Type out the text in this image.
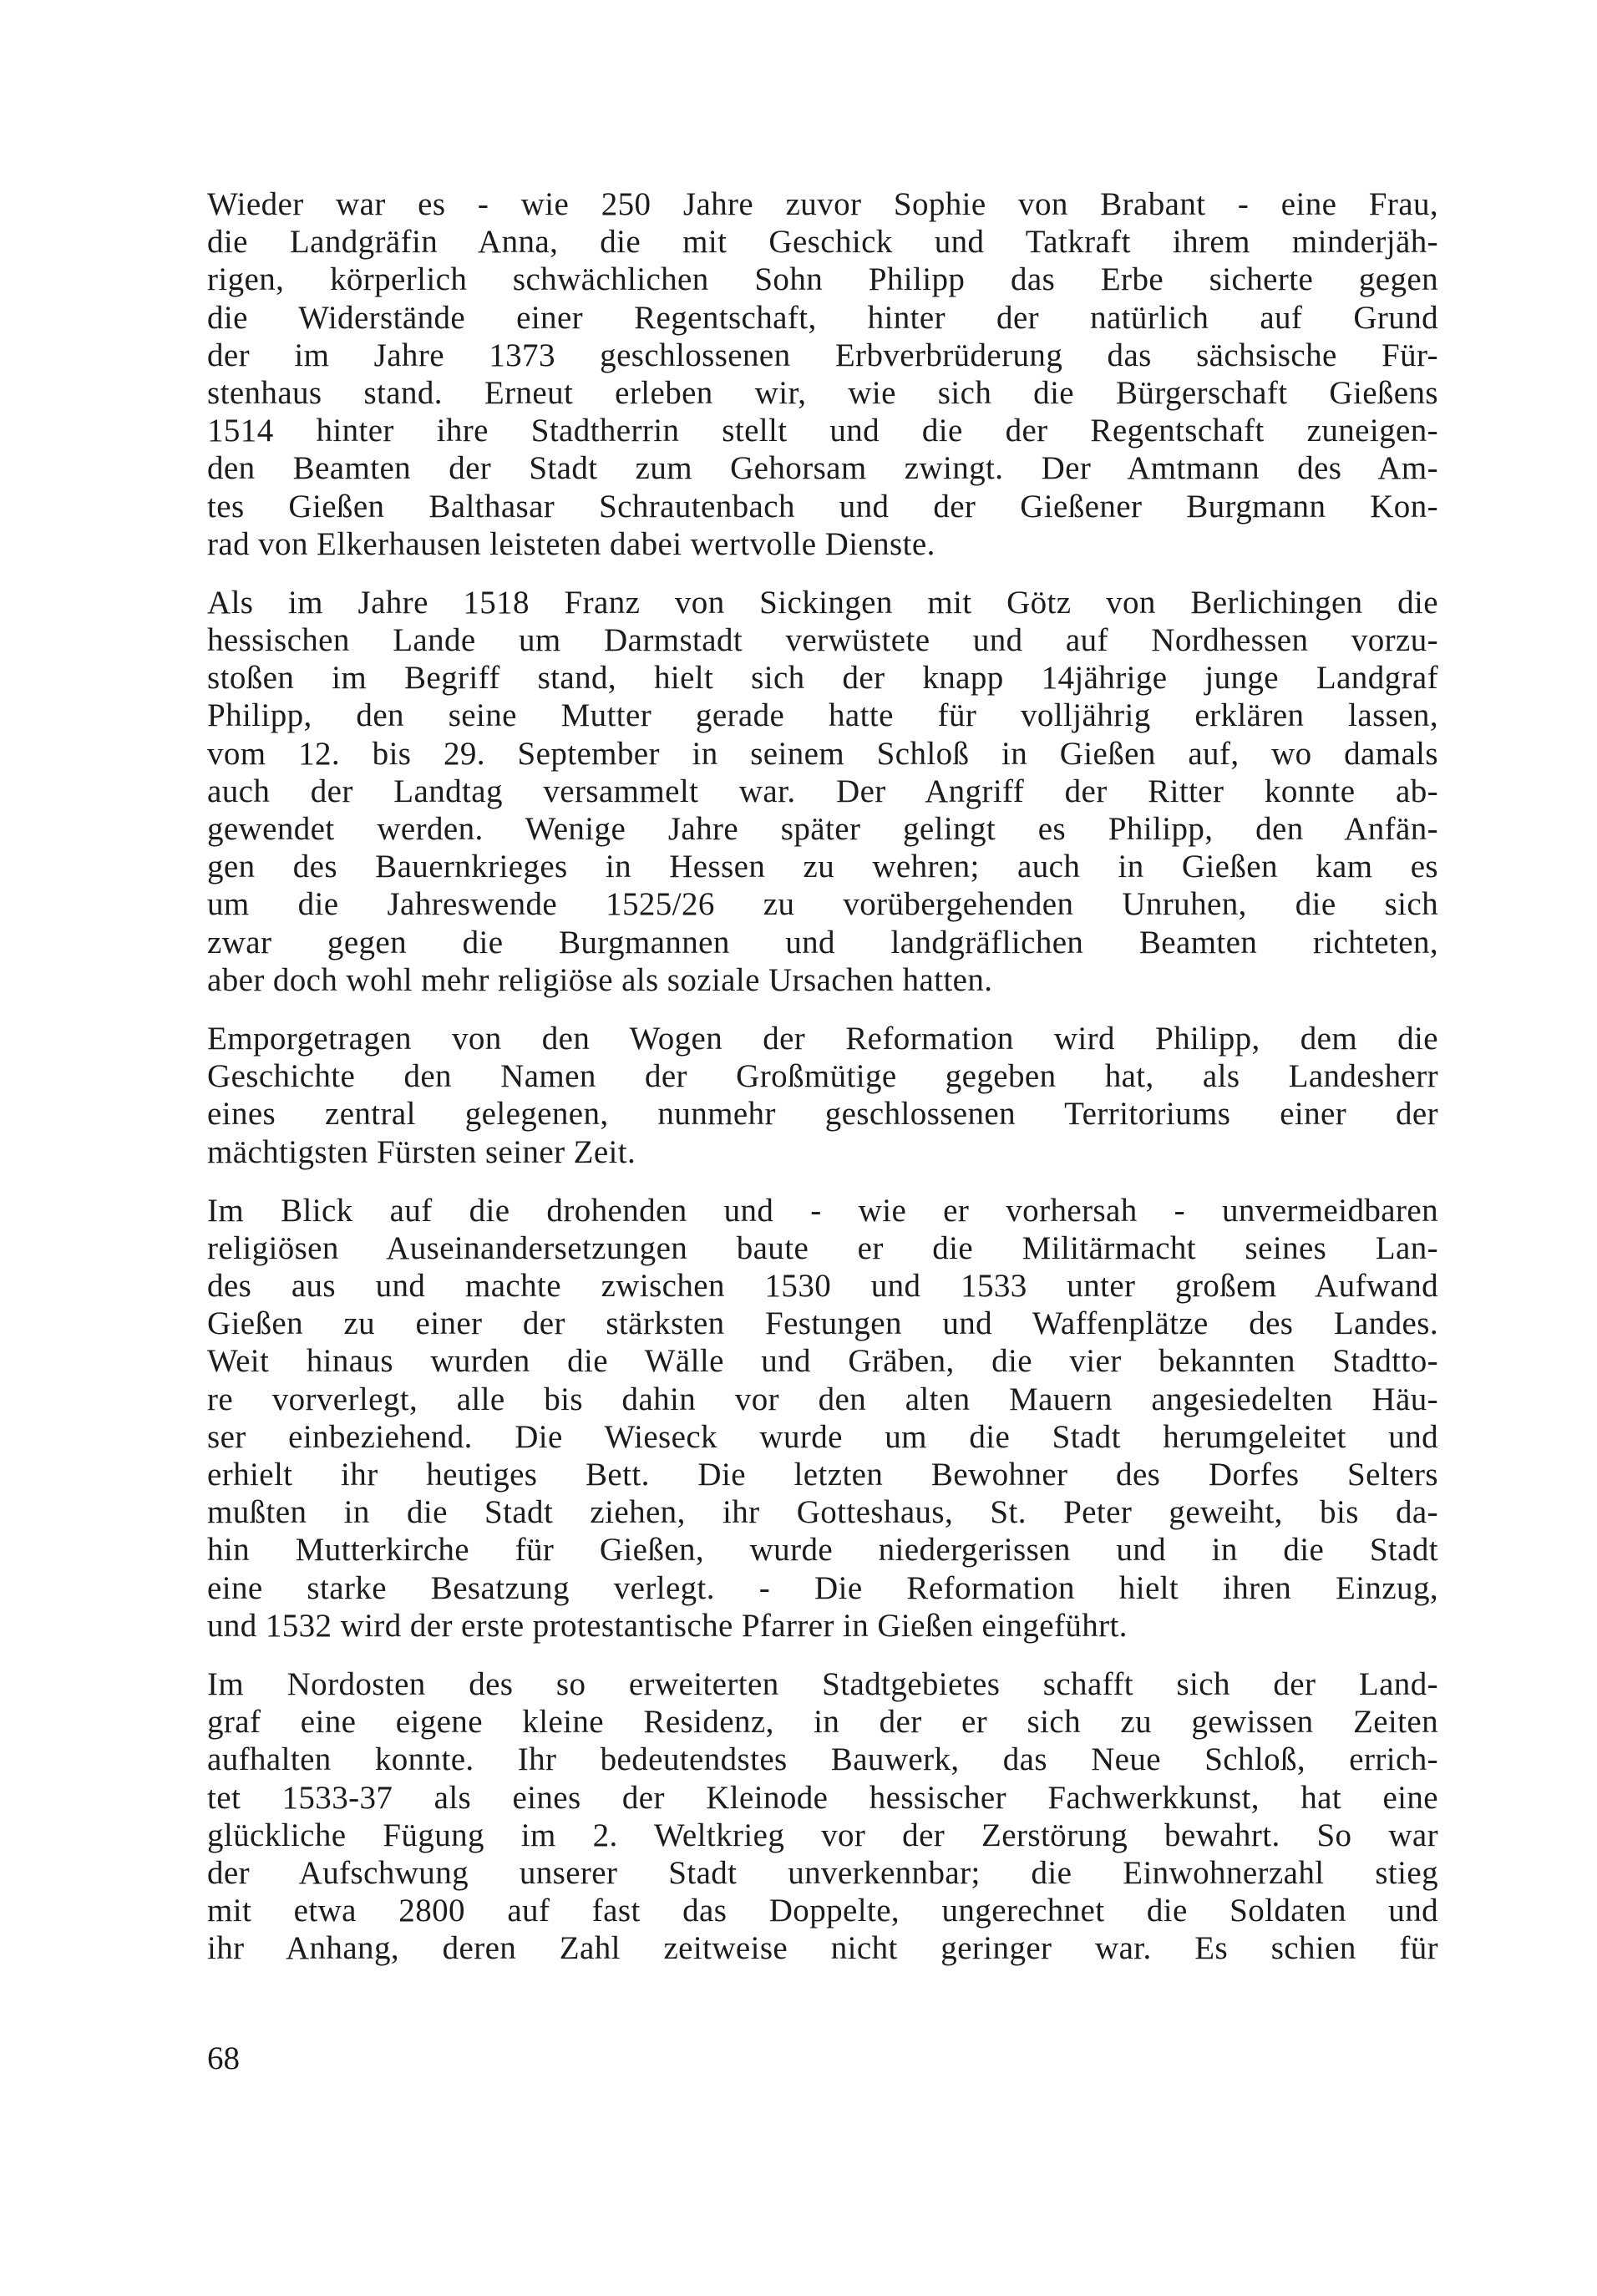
Wieder war es - wie 250 Jahre zuvor Sophie von Brabant - eine Frau,
die Landgräfin Anna, die mit Geschick und Tatkraft ihrem minderjäh-
rigen, körperlich schwächlichen Sohn Philipp das Erbe sicherte gegen
die Widerstände einer Regentschaft, hinter der natürlich auf Grund
der im Jahre 1373 geschlossenen Erbverbrüderung das sächsische Für-
stenhaus stand. Erneut erleben wir, wie sich die Bürgerschaft Gießens
1514 hinter ihre Stadtherrin stellt und die der Regentschaft zuneigen-
den Beamten der Stadt zum Gehorsam zwingt. Der Amtmann des Am-
tes Gießen Balthasar Schrautenbach und der Gießener Burgmann Kon-
rad von Elkerhausen leisteten dabei wertvolle Dienste.
Als im Jahre 1518 Franz von Sickingen mit Götz von Berlichingen die
hessischen Lande um Darmstadt verwüstete und auf Nordhessen vorzu-
stoßen im Begriff stand, hielt sich der knapp 14jährige junge Landgraf
Philipp, den seine Mutter gerade hatte für volljährig erklären lassen,
vom 12. bis 29. September in seinem Schloß in Gießen auf, wo damals
auch der Landtag versammelt war. Der Angriff der Ritter konnte ab-
gewendet werden. Wenige Jahre später gelingt es Philipp, den Anfän-
gen des Bauernkrieges in Hessen zu wehren; auch in Gießen kam es
um die Jahreswende 1525/26 zu vorübergehenden Unruhen, die sich
zwar gegen die Burgmannen und landgräflichen Beamten richteten,
aber doch wohl mehr religiöse als soziale Ursachen hatten.
Emporgetragen von den Wogen der Reformation wird Philipp, dem die
Geschichte den Namen der Großmütige gegeben hat, als Landesherr
eines zentral gelegenen, nunmehr geschlossenen Territoriums einer der
mächtigsten Fürsten seiner Zeit.
Im Blick auf die drohenden und - wie er vorhersah - unvermeidbaren
religiösen Auseinandersetzungen baute er die Militärmacht seines Lan-
des aus und machte zwischen 1530 und 1533 unter großem Aufwand
Gießen zu einer der stärksten Festungen und Waffenplätze des Landes.
Weit hinaus wurden die Wälle und Gräben, die vier bekannten Stadtto-
re vorverlegt, alle bis dahin vor den alten Mauern angesiedelten Häu-
ser einbeziehend. Die Wieseck wurde um die Stadt herumgeleitet und
erhielt ihr heutiges Bett. Die letzten Bewohner des Dorfes Selters
mußten in die Stadt ziehen, ihr Gotteshaus, St. Peter geweiht, bis da-
hin Mutterkirche für Gießen, wurde niedergerissen und in die Stadt
eine starke Besatzung verlegt. - Die Reformation hielt ihren Einzug,
und 1532 wird der erste protestantische Pfarrer in Gießen eingeführt.
Im Nordosten des so erweiterten Stadtgebietes schafft sich der Land-
graf eine eigene kleine Residenz, in der er sich zu gewissen Zeiten
aufhalten konnte. Ihr bedeutendstes Bauwerk, das Neue Schloß, errich-
tet 1533-37 als eines der Kleinode hessischer Fachwerkkunst, hat eine
glückliche Fügung im 2. Weltkrieg vor der Zerstörung bewahrt. So war
der Aufschwung unserer Stadt unverkennbar; die Einwohnerzahl stieg
mit etwa 2800 auf fast das Doppelte, ungerechnet die Soldaten und
ihr Anhang, deren Zahl zeitweise nicht geringer war. Es schien für
68
